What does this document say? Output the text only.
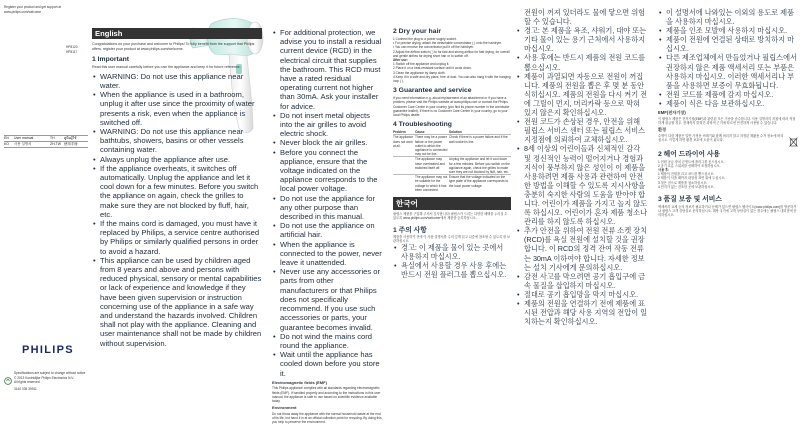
Register your product and get support at
www.philips.com/welcome
HP8120
HP8117
EN	User manual	TH	คู่มือผู้ใช้
KO	사용 설명서	ZH-TW 使用手冊
PHILIPS
Specifications are subject to change without notice
© 2013 Koninklijke Philips Electronics N.V.
All rights reserved.
3140 035 39911
English
Congratulations on your purchase and welcome to Philips! To fully benefit from the support that Philips offers, register your product at www.philips.com/welcome.
1 Important
Read this user manual carefully before you use the appliance and keep it for future reference.
• WARNING: Do not use this appliance near water.
• When the appliance is used in a bathroom, unplug it after use since the proximity of water presents a risk, even when the appliance is switched off.
• WARNING: Do not use this appliance near bathtubs, showers, basins or other vessels containing water.
• Always unplug the appliance after use.
• If the appliance overheats, it switches off automatically. Unplug the appliance and let it cool down for a few minutes. Before you switch the appliance on again, check the grilles to make sure they are not blocked by fluff, hair, etc.
• If the mains cord is damaged, you must have it replaced by Philips, a service centre authorised by Philips or similarly qualified persons in order to avoid a hazard.
• This appliance can be used by children aged from 8 years and above and persons with reduced physical, sensory or mental capabilities or lack of experience and knowledge if they have been given supervision or instruction concerning use of the appliance in a safe way and understand the hazards involved. Children shall not play with the appliance. Cleaning and user maintenance shall not be made by children without supervision.
• For additional protection, we advise you to install a residual current device (RCD) in the electrical circuit that supplies the bathroom. This RCD must have a rated residual operating current not higher than 30mA. Ask your installer for advice.
• Do not insert metal objects into the air grilles to avoid electric shock.
• Never block the air grilles.
• Before you connect the appliance, ensure that the voltage indicated on the appliance corresponds to the local power voltage.
• Do not use the appliance for any other purpose than described in this manual.
• Do not use the appliance on artificial hair.
• When the appliance is connected to the power, never leave it unattended.
• Never use any accessories or parts from other manufacturers or that Philips does not specifically recommend. If you use such accessories or parts, your guarantee becomes invalid.
• Do not wind the mains cord round the appliance.
• Wait until the appliance has cooled down before you store it.
Electromagnetic fields (EMF)
This Philips appliance complies with all standards regarding electromagnetic fields (EMF). If handled properly and according to the instructions in this user manual, the appliance is safe to use based on scientific evidence available today.
Environment
Do not throw away the appliance with the normal household waste at the end of its life, but hand it in at an official collection point for recycling. By doing this, you help to preserve the environment.
2 Dry your hair
1 Connect the plug to a power supply socket.
• For precise drying, attach the detachable concentrator ( ) onto the hairdryer.
• You can remove the concentrator pull it off the hairdryer.
2 Adjust the airflow switch ( ) to for fast and strong airflow for fast drying, for overall and gentle airflow for drying short hair or to switch off.
After use:
1 Switch off the appliance and unplug it.
2 Place it on a heat-resistant surface until it cools down.
3 Clean the appliance by damp cloth.
4 Keep it in a safe and dry place, free of dust. You can also hang it with the hanging loop ( ).
3 Guarantee and service
If you need information e.g. about replacement of an attachment or if you have a problem, please visit the Philips website at www.philips.com or contact the Philips Customer Care Centre in your country (you find its phone number in the worldwide guarantee leaflet). If there is no Customer Care Centre in your country, go to your local Philips dealer.
4 Troubleshooting
Problem	Cause	Solution
The appliance does not work at all.	There may be a power failure or the power outlet to which the appliance is connected may not be live.	Check if there is a power failure and if the wall socket is live.
	The appliance may have overheated and switched itself off.	Unplug the appliance and let it cool down for a few minutes. Before you switch on the appliance again, check the grilles to make sure they are not blocked by fluff, hair, etc.
	The appliance may not be suitable for the voltage to which it has been connected.	Ensure that the voltage indicated on the type plate of the appliance corresponds to the local power voltage.
한국어
필립스 제품을 구입해 주셔서 감사합니다! 필립스가 드리는 다양한 혜택을 누리실 수 있도록 www.philips.com/welcome에서 제품을 등록하십시오.
1 주의 사항
제품을 사용하기 전에 이 사용 설명서를 주의 깊게 읽고 나중에 참조할 수 있도록 잘 보관하십시오.
• 경고: 이 제품을 물이 있는 곳에서 사용하지 마십시오.
• 욕실에서 사용할 경우 사용 후에는 반드시 전원 플러그를 뽑으십시오.
전원이 꺼져 있더라도 물에 닿으면 위험할 수 있습니다.
• 경고: 본 제품을 욕조, 샤워기, 대야 또는 기타 물이 있는 용기 근처에서 사용하지 마십시오.
• 사용 후에는 반드시 제품의 전원 코드를 뽑으십시오.
• 제품이 과열되면 자동으로 전원이 꺼집니다. 제품의 전원을 뽑은 후 몇 분 동안 식히십시오. 제품의 전원을 다시 켜기 전에 그릴이 먼지, 머리카락 등으로 막혀 있지 않은지 확인하십시오.
• 전원 코드가 손상된 경우, 안전을 위해 필립스 서비스 센터 또는 필립스 서비스 지정점에 의뢰하여 교체하십시오.
• 8세 이상의 어린이들과 신체적인 감각 및 정신적인 능력이 떨어지거나 경험과 지식이 풍부하지 않은 성인이 이 제품을 사용하려면 제품 사용과 관련하여 안전한 방법을 이해할 수 있도록 지시사항을 충분히 숙지한 사람의 도움을 받아야 합니다. 어린이가 제품을 가지고 놀지 않도록 하십시오. 어린이가 혼자 제품 청소나 관리를 하지 않도록 하십시오.
• 추가 안전을 위하여 전원 전류 소켓 장치(RCD)를 욕실 전원에 설치할 것을 권장합니다. 이 RCD의 정격 잔여 작동 전류는 30mA 이하여야 합니다. 자세한 정보는 설치 기사에게 문의하십시오.
• 감전 사고를 막으려면 공기 흡입구에 금속 물질을 삽입하지 마십시오.
• 절대로 공기 흡입망을 막지 마십시오.
• 제품의 전원을 연결하기 전에 제품에 표시된 전압과 해당 사용 지역의 전압이 일치하는지 확인하십시오.
• 이 설명서에 나와있는 이외의 용도로 제품을 사용하지 마십시오.
• 제품을 인조 모발에 사용하지 마십시오.
• 제품이 전원에 연결된 상태로 방치하지 마십시오.
• 다른 제조업체에서 만들었거나 필립스에서 권장하지 않은 제품 액세서리 또는 부품은 사용하지 마십시오. 이러한 액세서리나 부품을 사용하면 보증이 무효화됩니다.
• 전원 코드를 제품에 감지 마십시오.
• 제품이 식은 다음 보관하십시오.
EMF(전자기장)
이 필립스 제품은 전자기장(EMF)과 관련된 모든 기준을 준수합니다. 사용 설명서의 지침에 따라 적절하게 취급할 경우, 현재까지 밝혀진 과학적 근거에 따르면 안전하게 사용할 수 있습니다.
환경
수명이 다한 제품은 일반 가정용 쓰레기와 함께 버리지 말고 지정된 재활용 수거 장소에 버리십시오. 이렇게 하면 환경 보호에 도움이 됩니다.
2 헤어 드라이어 사용
1 전원 공급 장치 콘센트에 플러그를 꽂으십시오.
2 공기 흐름 스위치를 선택하여 조정하십시오.
사용 후:
1 제품의 전원을 끄고 코드를 뽑으십시오.
2 제품이 식을 때까지 내열성 표면 위에 두십시오.
3 젖은 천으로 제품을 청소하십시오.
4 먼지가 없는 건조한 곳에 보관하십시오.
3 품질 보증 및 서비스
액세서리 교체 등의 정보가 필요하거나 문제가 있으면 필립스 웹사이트(www.philips.com)를 방문하거나 필립스 고객 상담실로 문의하십시오. 해당 국가에 고객 상담실이 없는 경우에는 필립스 대리점에 문의하십시오.
